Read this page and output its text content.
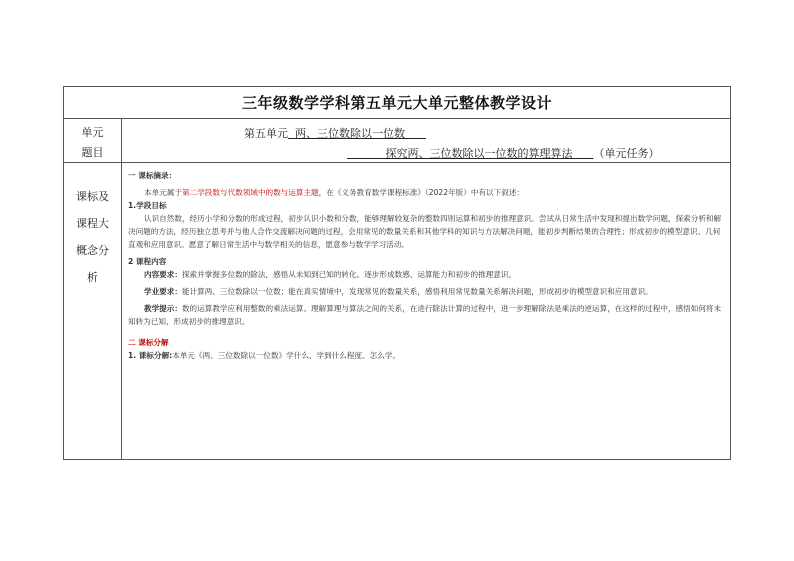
三年级数学学科第五单元大单元整体教学设计
单元
题目
第五单元 两、三位数除以一位数
探究两、三位数除以一位数的算理算法 （单元任务）
课标及
课程大
概念分
析

一 课标摘录：

本单元属于第二学段数与代数领域中的数与运算主题，在《义务教育数学课程标准》（2022年版）中有以下叙述：

1.学段目标

认识自然数，经历小学和分数的形成过程，初步认识小数和分数，能够理解较复杂的整数四则运算和初步的推理意识。尝试从日常生活中发现和提出数学问题，探索分析和解决问题的方法，经历独立思考并与他人合作交流解决问题的过程，会用常见的数量关系和其他学科的知识与方法解决问题，能初步判断结果的合理性；形成初步的模型意识、几何直观和应用意识。愿意了解日常生活中与数学相关的信息，愿意参与数学学习活动。

2 课程内容

内容要求：探索并掌握多位数的除法，感悟从未知到已知的转化。逐步形成数感、运算能力和初步的推理意识。

学业要求：能计算两、三位数除以一位数；能在真实情境中，发现常见的数量关系，感悟利用常见数量关系解决问题，形成初步的模型意识和应用意识。

教学提示：数的运算教学应利用整数的乘法运算。理解算理与算法之间的关系，在进行除法计算的过程中，进一步理解除法是乘法的逆运算，在这样的过程中，感悟如何将未知转为已知，形成初步的推理意识。

二 课标分解

1. 课标分解:本单元《两、三位数除以一位数》学什么、学到什么程度、怎么学。
